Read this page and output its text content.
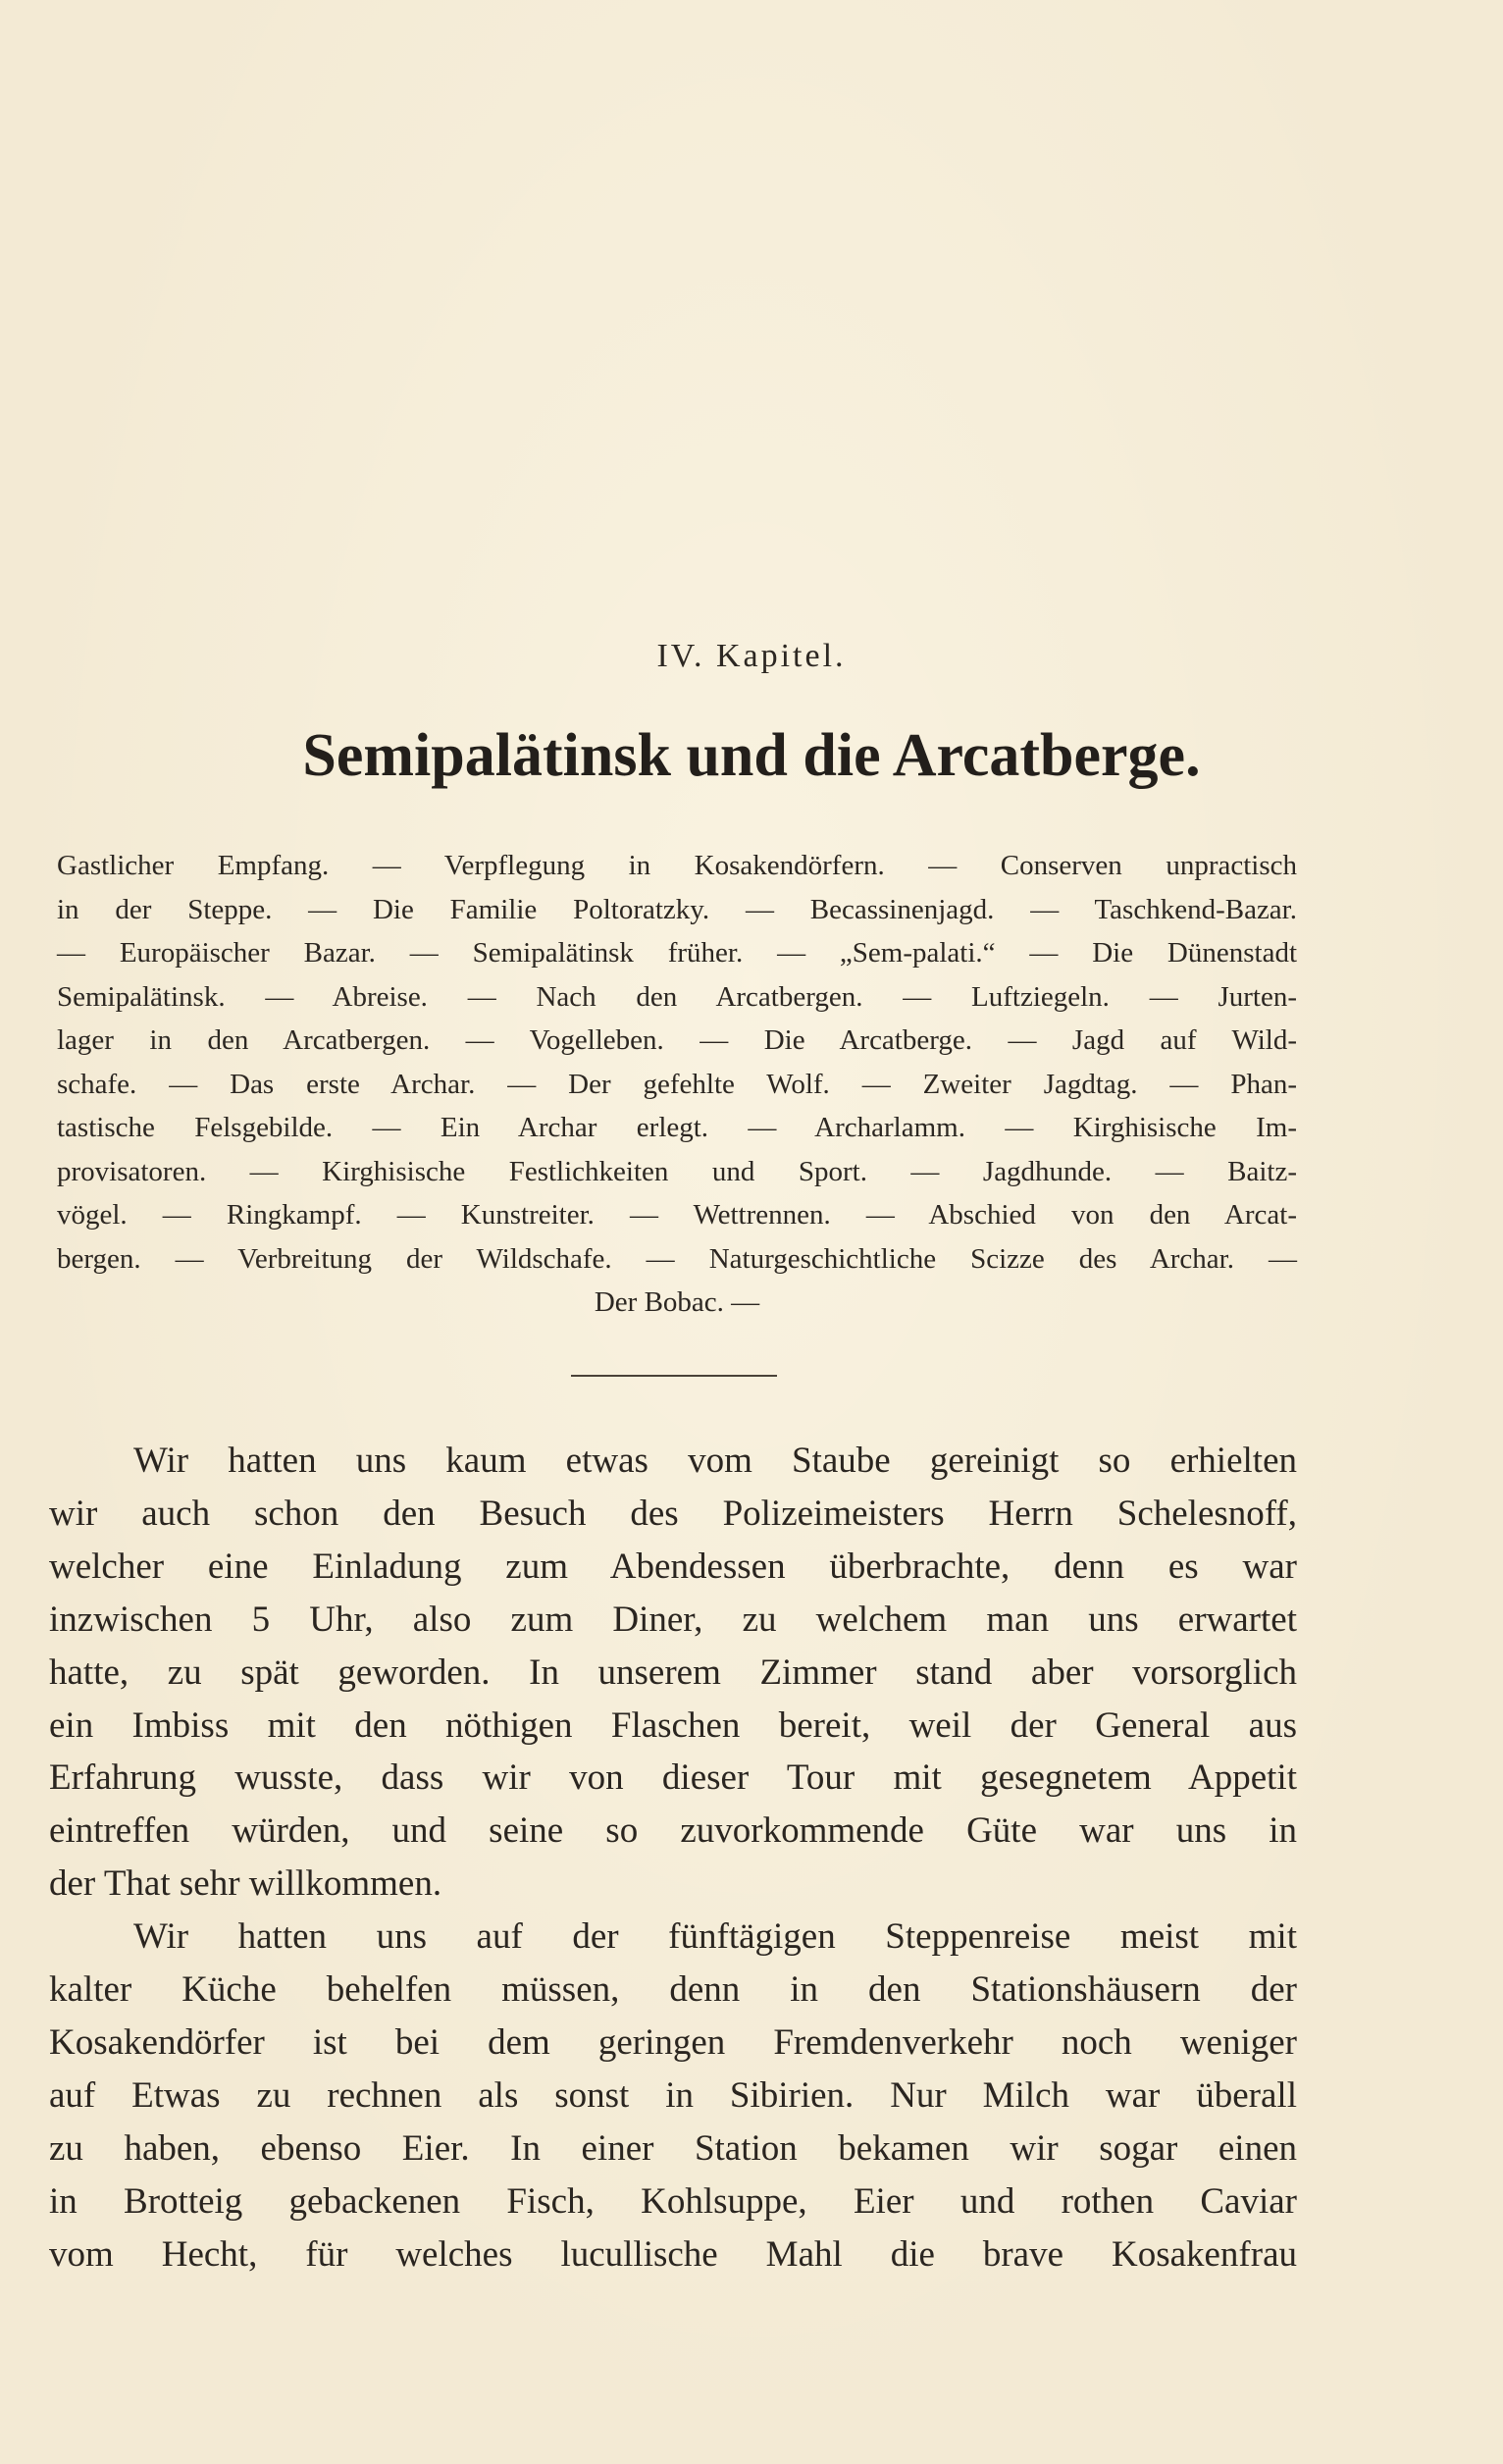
IV. Kapitel.
Semipalätinsk und die Arcatberge.
Gastlicher Empfang. — Verpflegung in Kosakendörfern. — Conserven unpractisch
in der Steppe. — Die Familie Poltoratzky. — Becassinenjagd. — Taschkend-Bazar.
— Europäischer Bazar. — Semipalätinsk früher. — „Sem-palati.“ — Die Dünenstadt
Semipalätinsk. — Abreise. — Nach den Arcatbergen. — Luftziegeln. — Jurten-
lager in den Arcatbergen. — Vogelleben. — Die Arcatberge. — Jagd auf Wild-
schafe. — Das erste Archar. — Der gefehlte Wolf. — Zweiter Jagdtag. — Phan-
tastische Felsgebilde. — Ein Archar erlegt. — Archarlamm. — Kirghisische Im-
provisatoren. — Kirghisische Festlichkeiten und Sport. — Jagdhunde. — Baitz-
vögel. — Ringkampf. — Kunstreiter. — Wettrennen. — Abschied von den Arcat-
bergen. — Verbreitung der Wildschafe. — Naturgeschichtliche Scizze des Archar. —
Der Bobac. —
Wir hatten uns kaum etwas vom Staube gereinigt so erhielten
wir auch schon den Besuch des Polizeimeisters Herrn Schelesnoff,
welcher eine Einladung zum Abendessen überbrachte, denn es war
inzwischen 5 Uhr, also zum Diner, zu welchem man uns erwartet
hatte, zu spät geworden. In unserem Zimmer stand aber vorsorglich
ein Imbiss mit den nöthigen Flaschen bereit, weil der General aus
Erfahrung wusste, dass wir von dieser Tour mit gesegnetem Appetit
eintreffen würden, und seine so zuvorkommende Güte war uns in
der That sehr willkommen.
Wir hatten uns auf der fünftägigen Steppenreise meist mit
kalter Küche behelfen müssen, denn in den Stationshäusern der
Kosakendörfer ist bei dem geringen Fremdenverkehr noch weniger
auf Etwas zu rechnen als sonst in Sibirien. Nur Milch war überall
zu haben, ebenso Eier. In einer Station bekamen wir sogar einen
in Brotteig gebackenen Fisch, Kohlsuppe, Eier und rothen Caviar
vom Hecht, für welches lucullische Mahl die brave Kosakenfrau
